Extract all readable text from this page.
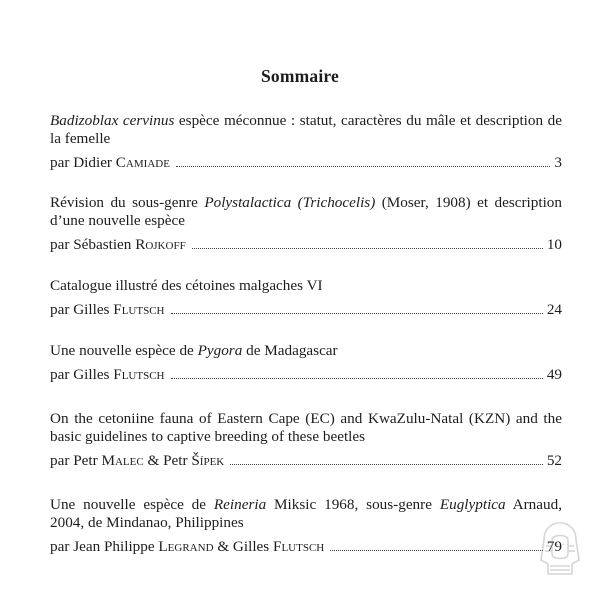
Sommaire
Badizoblax cervinus espèce méconnue : statut, caractères du mâle et description de la femelle
par Didier Camiade	3
Révision du sous-genre Polystalactica (Trichocelis) (Moser, 1908) et description d’une nouvelle espèce
par Sébastien Rojkoff	10
Catalogue illustré des cétoines malgaches VI
par Gilles Flutsch	24
Une nouvelle espèce de Pygora de Madagascar
par Gilles Flutsch	49
On the cetoniine fauna of Eastern Cape (EC) and KwaZulu-Natal (KZN) and the basic guidelines to captive breeding of these beetles
par Petr Malec & Petr Šípek	52
Une nouvelle espèce de Reineria Miksic 1968, sous-genre Euglyptica Arnaud, 2004, de Mindanao, Philippines
par Jean Philippe Legrand & Gilles Flutsch	79
